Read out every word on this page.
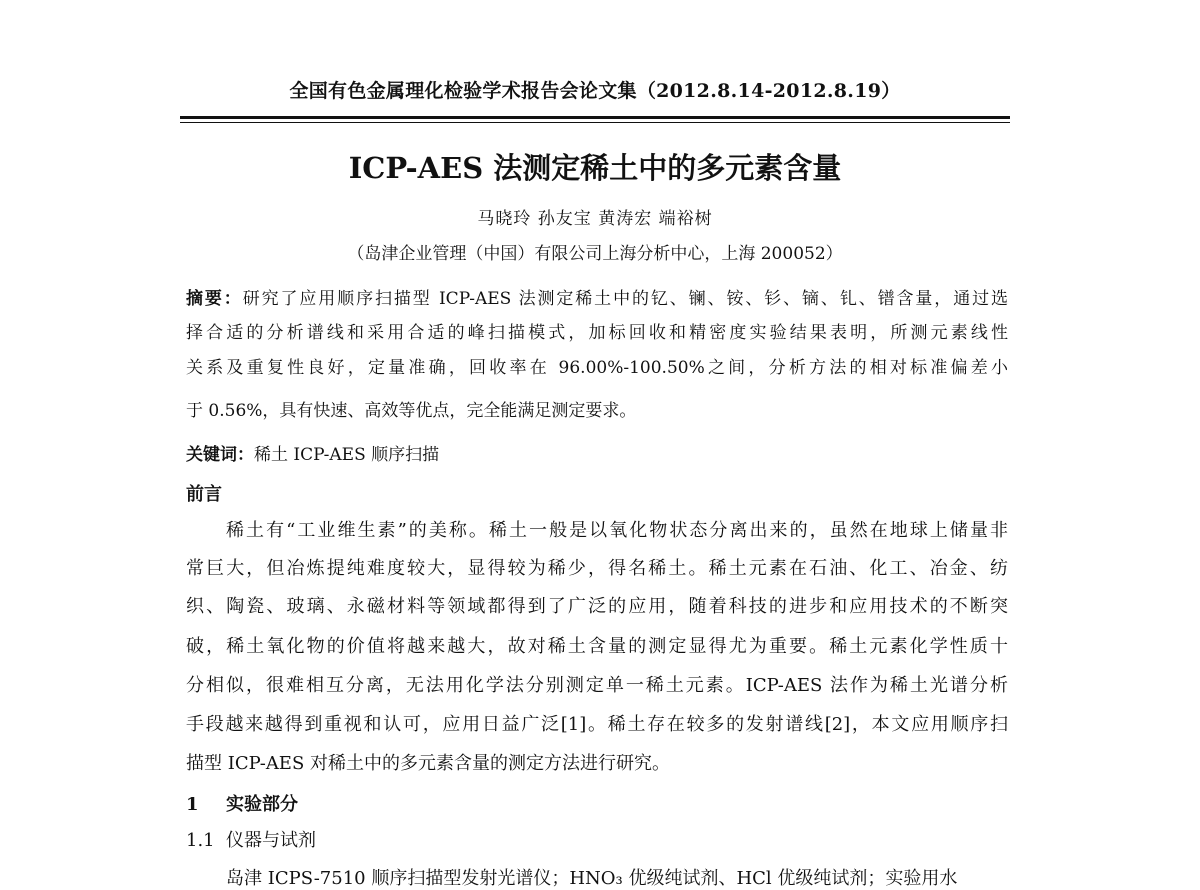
全国有色金属理化检验学术报告会论文集（2012.8.14-2012.8.19）
ICP-AES 法测定稀土中的多元素含量
马晓玲 孙友宝 黄涛宏 端裕树
（岛津企业管理（中国）有限公司上海分析中心，上海 200052）
摘要：研究了应用顺序扫描型 ICP-AES 法测定稀土中的钇、镧、铵、钐、镝、钆、镨含量，通过选
择合适的分析谱线和采用合适的峰扫描模式，加标回收和精密度实验结果表明，所测元素线性
关系及重复性良好，定量准确，回收率在 96.00%-100.50%之间，分析方法的相对标准偏差小
于 0.56%，具有快速、高效等优点，完全能满足测定要求。
关键词：稀土 ICP-AES 顺序扫描
前言
稀土有“工业维生素”的美称。稀土一般是以氧化物状态分离出来的，虽然在地球上储量非
常巨大，但冶炼提纯难度较大，显得较为稀少，得名稀土。稀土元素在石油、化工、冶金、纺
织、陶瓷、玻璃、永磁材料等领域都得到了广泛的应用，随着科技的进步和应用技术的不断突
破，稀土氧化物的价值将越来越大，故对稀土含量的测定显得尤为重要。稀土元素化学性质十
分相似，很难相互分离，无法用化学法分别测定单一稀土元素。ICP-AES 法作为稀土光谱分析
手段越来越得到重视和认可，应用日益广泛[1]。稀土存在较多的发射谱线[2]，本文应用顺序扫
描型 ICP-AES 对稀土中的多元素含量的测定方法进行研究。
1 实验部分
1.1 仪器与试剂
岛津 ICPS-7510 顺序扫描型发射光谱仪；HNO₃ 优级纯试剂、HCl 优级纯试剂；实验用水
